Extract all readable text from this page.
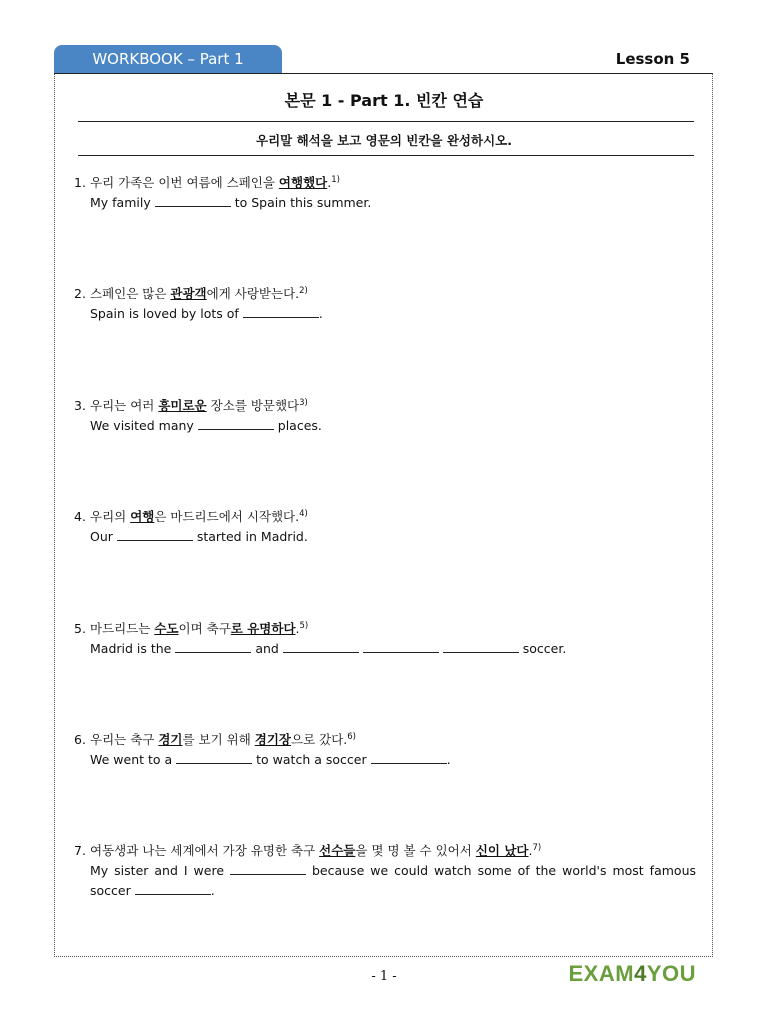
WORKBOOK – Part 1	Lesson 5
본문 1 - Part 1. 빈칸 연습
우리말 해석을 보고 영문의 빈칸을 완성하시오.
1. 우리 가족은 이번 여름에 스페인을 여행했다.$^{1)}$
My family	to Spain this summer.
2. 스페인은 많은 관광객에게 사랑받는다.$^{2)}$
Spain is loved by lots of	.
3. 우리는 여러 흥미로운 장소를 방문했다$^{3)}$
We visited many	places.
4. 우리의 여행은 마드리드에서 시작했다.$^{4)}$
Our	started in Madrid.
5. 마드리드는 수도이며 축구로 유명하다.$^{5)}$
Madrid is the	and	soccer.
6. 우리는 축구 경기를 보기 위해 경기장으로 갔다.$^{6)}$
We went to a	to watch a soccer	.
7. 여동생과 나는 세계에서 가장 유명한 축구 선수들을 몇 명 볼 수 있어서 신이 났다.$^{7)}$
My sister and I were	because we could watch some of the world's most famous soccer	.
- 1 -	EXAM4YOU
